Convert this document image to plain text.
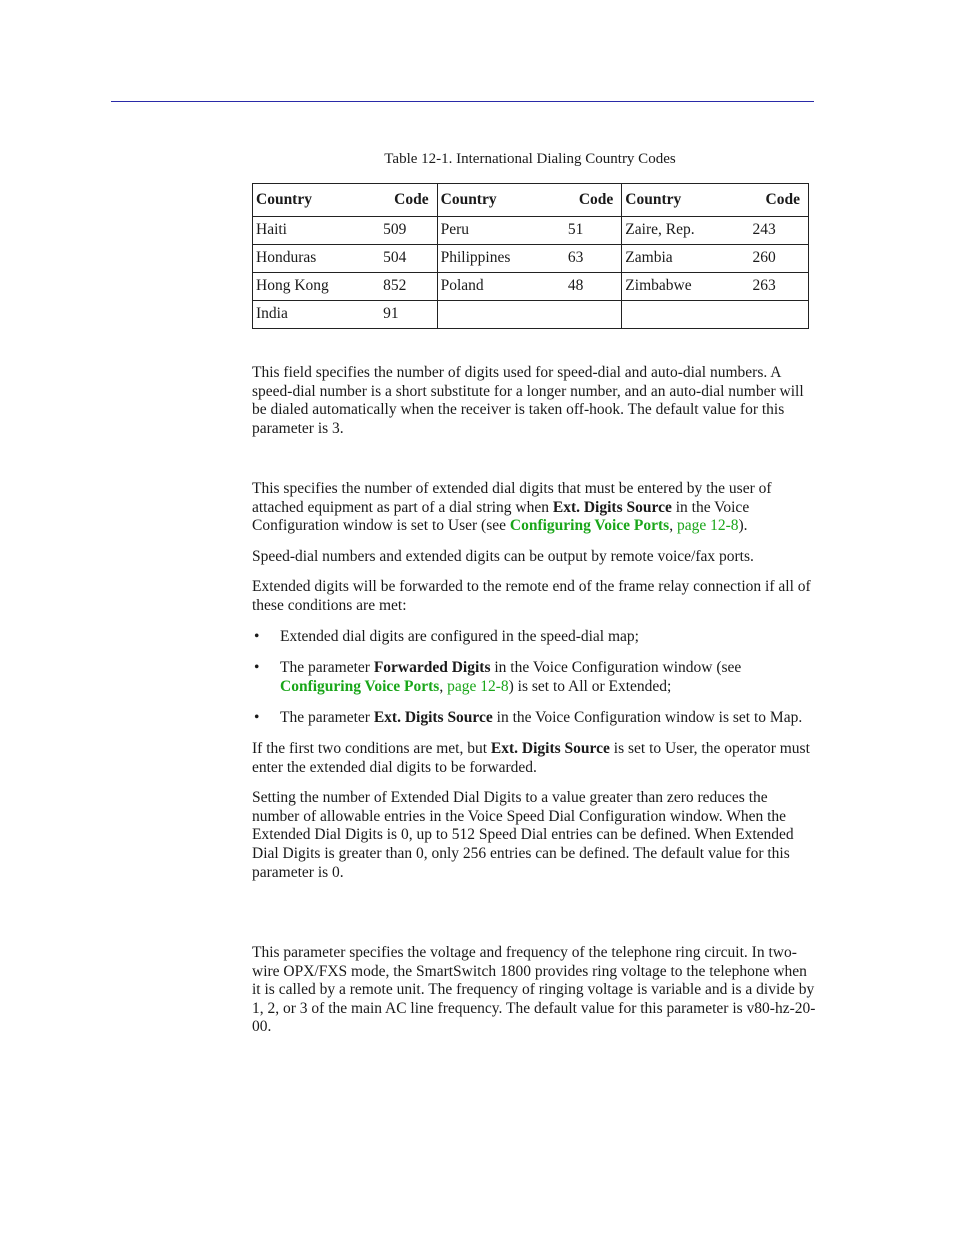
Table 12-1. International Dialing Country Codes
Country	Code	Country	Code	Country	Code
Haiti	509	Peru	51	Zaire, Rep.	243
Honduras	504	Philippines	63	Zambia	260
Hong Kong	852	Poland	48	Zimbabwe	263
India	91				

This field specifies the number of digits used for speed-dial and auto-dial numbers. A speed-dial number is a short substitute for a longer number, and an auto-dial number will be dialed automatically when the receiver is taken off-hook. The default value for this parameter is 3.

This specifies the number of extended dial digits that must be entered by the user of attached equipment as part of a dial string when Ext. Digits Source in the Voice Configuration window is set to User (see Configuring Voice Ports, page 12-8).

Speed-dial numbers and extended digits can be output by remote voice/fax ports.

Extended digits will be forwarded to the remote end of the frame relay connection if all of these conditions are met:

• Extended dial digits are configured in the speed-dial map;
• The parameter Forwarded Digits in the Voice Configuration window (see Configuring Voice Ports, page 12-8) is set to All or Extended;
• The parameter Ext. Digits Source in the Voice Configuration window is set to Map.

If the first two conditions are met, but Ext. Digits Source is set to User, the operator must enter the extended dial digits to be forwarded.

Setting the number of Extended Dial Digits to a value greater than zero reduces the number of allowable entries in the Voice Speed Dial Configuration window. When the Extended Dial Digits is 0, up to 512 Speed Dial entries can be defined. When Extended Dial Digits is greater than 0, only 256 entries can be defined. The default value for this parameter is 0.

This parameter specifies the voltage and frequency of the telephone ring circuit. In two-wire OPX/FXS mode, the SmartSwitch 1800 provides ring voltage to the telephone when it is called by a remote unit. The frequency of ringing voltage is variable and is a divide by 1, 2, or 3 of the main AC line frequency. The default value for this parameter is v80-hz-20-00.
